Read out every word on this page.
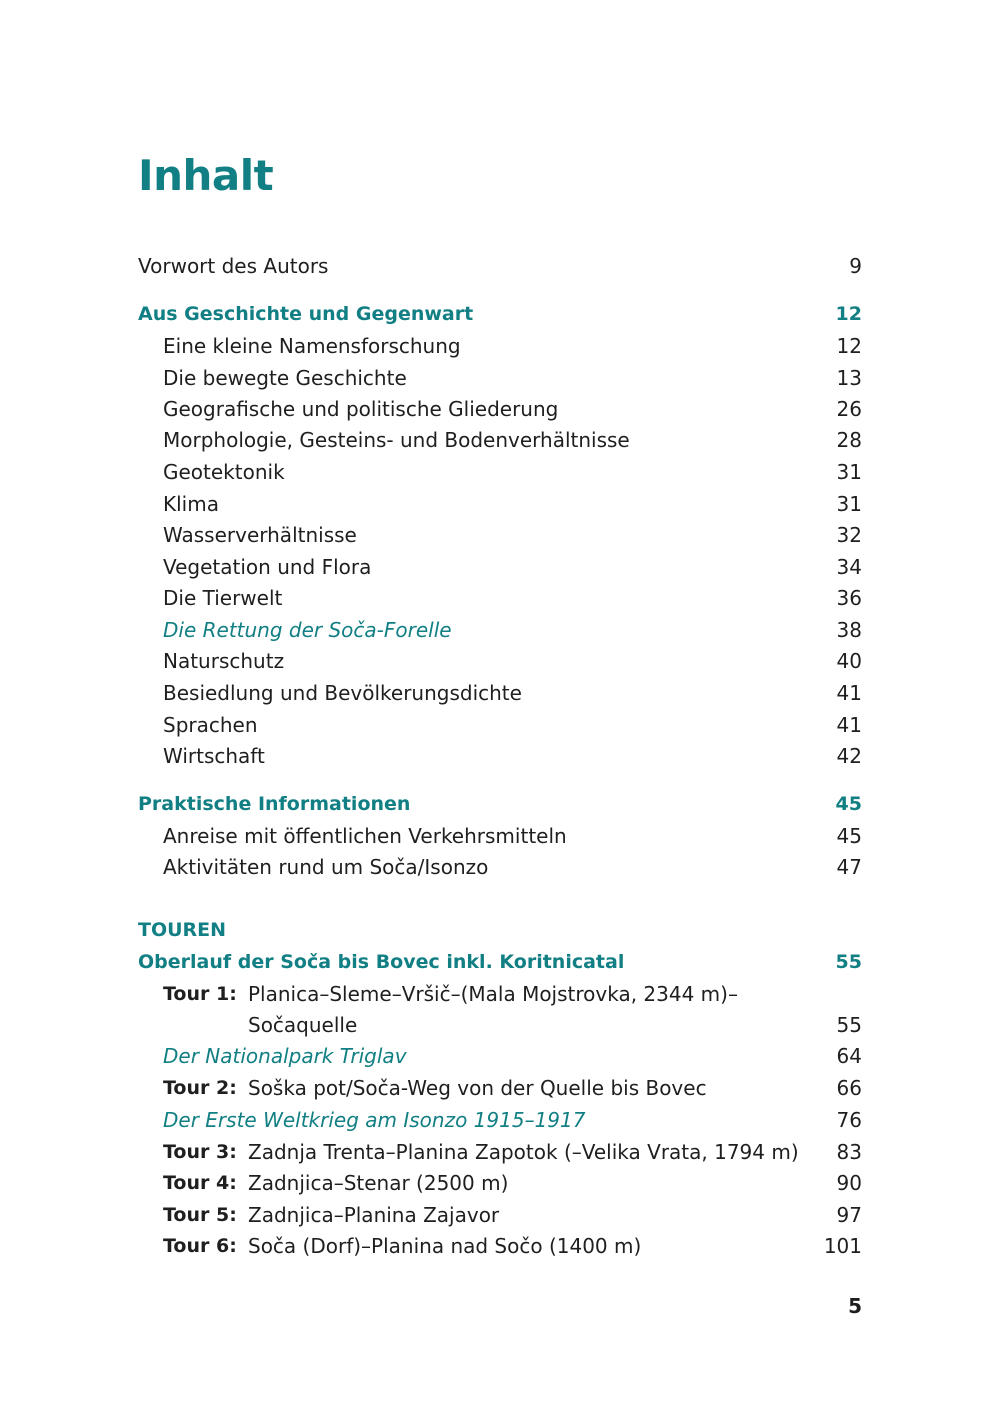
Inhalt
Vorwort des Autors	9
Aus Geschichte und Gegenwart	12
Eine kleine Namensforschung	12
Die bewegte Geschichte	13
Geografische und politische Gliederung	26
Morphologie, Gesteins- und Bodenverhältnisse	28
Geotektonik	31
Klima	31
Wasserverhältnisse	32
Vegetation und Flora	34
Die Tierwelt	36
Die Rettung der Soča-Forelle	38
Naturschutz	40
Besiedlung und Bevölkerungsdichte	41
Sprachen	41
Wirtschaft	42
Praktische Informationen	45
Anreise mit öffentlichen Verkehrsmitteln	45
Aktivitäten rund um Soča/Isonzo	47
TOUREN
Oberlauf der Soča bis Bovec inkl. Koritnicatal	55
Tour 1: Planica–Sleme–Vršič–(Mala Mojstrovka, 2344 m)–
Sočaquelle	55
Der Nationalpark Triglav	64
Tour 2: Soška pot/Soča-Weg von der Quelle bis Bovec	66
Der Erste Weltkrieg am Isonzo 1915–1917	76
Tour 3: Zadnja Trenta–Planina Zapotok (–Velika Vrata, 1794 m) 83
Tour 4: Zadnjica–Stenar (2500 m)	90
Tour 5: Zadnjica–Planina Zajavor	97
Tour 6: Soča (Dorf)–Planina nad Sočo (1400 m)	101
5
